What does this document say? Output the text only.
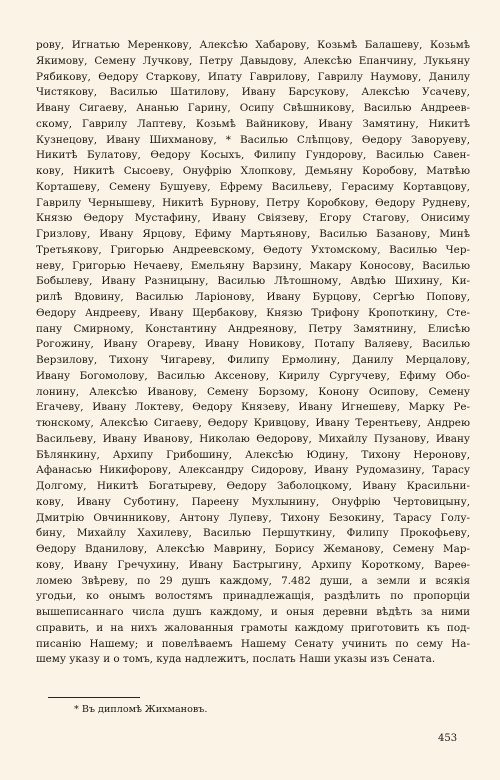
рову, Игнатью Меренкову, Алексѣю Хабарову, Козьмѣ Балашеву, Козьмѣ
Якимову, Семену Лучкову, Петру Давыдову, Алексѣю Епанчину, Лукьяну
Рябикову, Ѳедору Старкову, Ипату Гаврилову, Гаврилу Наумову, Данилу
Чистякову, Василью Шатилову, Ивану Барсукову, Алексѣю Усачеву,
Ивану Сигаеву, Ананью Гарину, Осипу Свѣшникову, Василью Андреев-
скому, Гаврилу Лаптеву, Козьмѣ Вайникову, Ивану Замятину, Никитѣ
Кузнецову, Ивану Шихманову, * Василью Слѣпцову, Ѳедору Заворуеву,
Никитѣ Булатову, Ѳедору Косыхъ, Филипу Гундорову, Василью Савен-
кову, Никитѣ Сысоеву, Онуфрію Хлопкову, Демьяну Коробову, Матвѣю
Корташеву, Семену Бушуеву, Ефрему Васильеву, Герасиму Кортавцову,
Гаврилу Чернышеву, Никитѣ Бурнову, Петру Коробкову, Ѳедору Рудневу,
Князю Ѳедору Мустафину, Ивану Свіязеву, Егору Стагову, Онисиму
Гризлову, Ивану Ярцову, Ефиму Мартьянову, Василью Базанову, Минѣ
Третьякову, Григорью Андреевскому, Ѳедоту Ухтомскому, Василью Чер-
неву, Григорью Нечаеву, Емельяну Варзину, Макару Коносову, Василью
Бобылеву, Ивану Разницыну, Василью Лѣтошному, Авдѣю Шихину, Ки-
рилѣ Вдовину, Василью Ларіонову, Ивану Бурцову, Сергѣю Попову,
Ѳедору Андрееву, Ивану Щербакову, Князю Трифону Кропоткину, Сте-
пану Смирному, Константину Андреянову, Петру Замятнину, Елисѣю
Рогожину, Ивану Огареву, Ивану Новикову, Потапу Валяеву, Василью
Верзилову, Тихону Чигареву, Филипу Ермолину, Данилу Мерцалову,
Ивану Богомолову, Василью Аксенову, Кирилу Сургучеву, Ефиму Обо-
лонину, Алексѣю Иванову, Семену Борзому, Конону Осипову, Семену
Егачеву, Ивану Локтеву, Ѳедору Князеву, Ивану Игнешеву, Марку Ре-
тюнскому, Алексѣю Сигаеву, Ѳедору Кривцову, Ивану Терентьеву, Андрею
Васильеву, Ивану Иванову, Николаю Ѳедорову, Михайлу Пузанову, Ивану
Бѣлянкину, Архипу Грибошину, Алексѣю Юдину, Тихону Неронову,
Афанасью Никифорову, Александру Сидорову, Ивану Рудомазину, Тарасу
Долгому, Никитѣ Богатыреву, Ѳедору Заболоцкому, Ивану Красильни-
кову, Ивану Суботину, Пареену Мухлынину, Онуфрію Чертовицыну,
Дмитрію Овчинникову, Антону Лупеву, Тихону Безокину, Тарасу Голу-
бину, Михайлу Хахилеву, Василью Першуткину, Филипу Прокофьеву,
Ѳедору Вданилову, Алексѣю Маврину, Борису Жеманову, Семену Мар-
кову, Ивану Гречухину, Ивану Бастрыгину, Архипу Короткому, Вареѳ-
ломею Звѣреву, по 29 душъ каждому, 7.482 души, а земли и всякія
угодьи, ко онымъ волостямъ принадлежащія, раздѣлить по пропорціи
вышеписаннаго числа душъ каждому, и оныя деревни вѣдѣть за ними
справить, и на нихъ жалованныя грамоты каждому приготовить къ под-
писанію Нашему; и повелѣваемъ Нашему Сенату учинить по сему На-
шему указу и о томъ, куда надлежитъ, послать Наши указы изъ Сената.
* Въ дипломѣ Жихмановъ.
453
